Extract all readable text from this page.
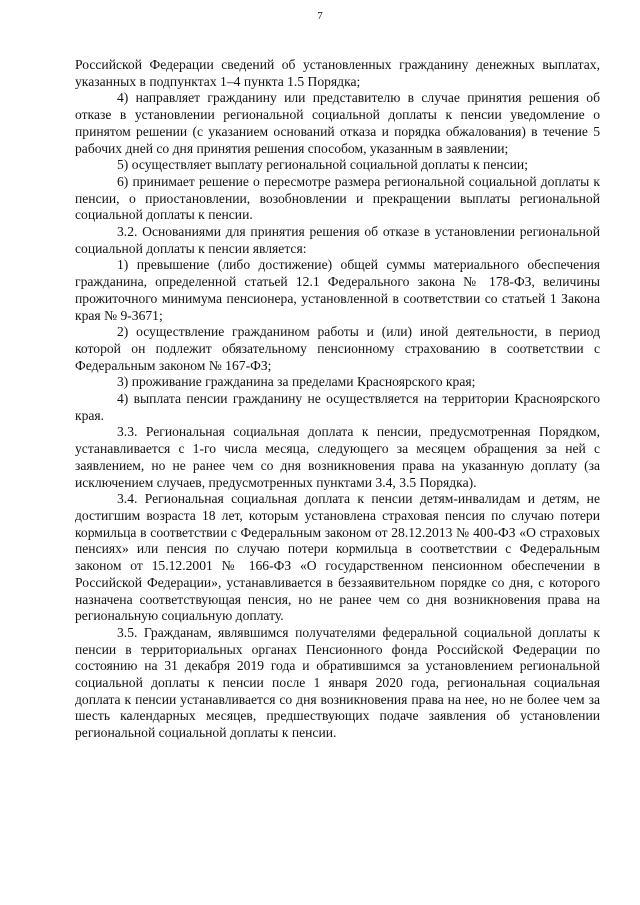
7

Российской Федерации сведений об установленных гражданину денежных выплатах, указанных в подпунктах 1–4 пункта 1.5 Порядка;

4) направляет гражданину или представителю в случае принятия решения об отказе в установлении региональной социальной доплаты к пенсии уведомление о принятом решении (с указанием оснований отказа и порядка обжалования) в течение 5 рабочих дней со дня принятия решения способом, указанным в заявлении;

5) осуществляет выплату региональной социальной доплаты к пенсии;

6) принимает решение о пересмотре размера региональной социальной доплаты к пенсии, о приостановлении, возобновлении и прекращении выплаты региональной социальной доплаты к пенсии.

3.2. Основаниями для принятия решения об отказе в установлении региональной социальной доплаты к пенсии является:

1) превышение (либо достижение) общей суммы материального обеспечения гражданина, определенной статьей 12.1 Федерального закона № 178-ФЗ, величины прожиточного минимума пенсионера, установленной в соответствии со статьей 1 Закона края № 9-3671;

2) осуществление гражданином работы и (или) иной деятельности, в период которой он подлежит обязательному пенсионному страхованию в соответствии с Федеральным законом № 167-ФЗ;

3) проживание гражданина за пределами Красноярского края;

4) выплата пенсии гражданину не осуществляется на территории Красноярского края.

3.3. Региональная социальная доплата к пенсии, предусмотренная Порядком, устанавливается с 1-го числа месяца, следующего за месяцем обращения за ней с заявлением, но не ранее чем со дня возникновения права на указанную доплату (за исключением случаев, предусмотренных пунктами 3.4, 3.5 Порядка).

3.4. Региональная социальная доплата к пенсии детям-инвалидам и детям, не достигшим возраста 18 лет, которым установлена страховая пенсия по случаю потери кормильца в соответствии с Федеральным законом от 28.12.2013 № 400-ФЗ «О страховых пенсиях» или пенсия по случаю потери кормильца в соответствии с Федеральным законом от 15.12.2001 № 166-ФЗ «О государственном пенсионном обеспечении в Российской Федерации», устанавливается в беззаявительном порядке со дня, с которого назначена соответствующая пенсия, но не ранее чем со дня возникновения права на региональную социальную доплату.

3.5. Гражданам, являвшимся получателями федеральной социальной доплаты к пенсии в территориальных органах Пенсионного фонда Российской Федерации по состоянию на 31 декабря 2019 года и обратившимся за установлением региональной социальной доплаты к пенсии после 1 января 2020 года, региональная социальная доплата к пенсии устанавливается со дня возникновения права на нее, но не более чем за шесть календарных месяцев, предшествующих подаче заявления об установлении региональной социальной доплаты к пенсии.
